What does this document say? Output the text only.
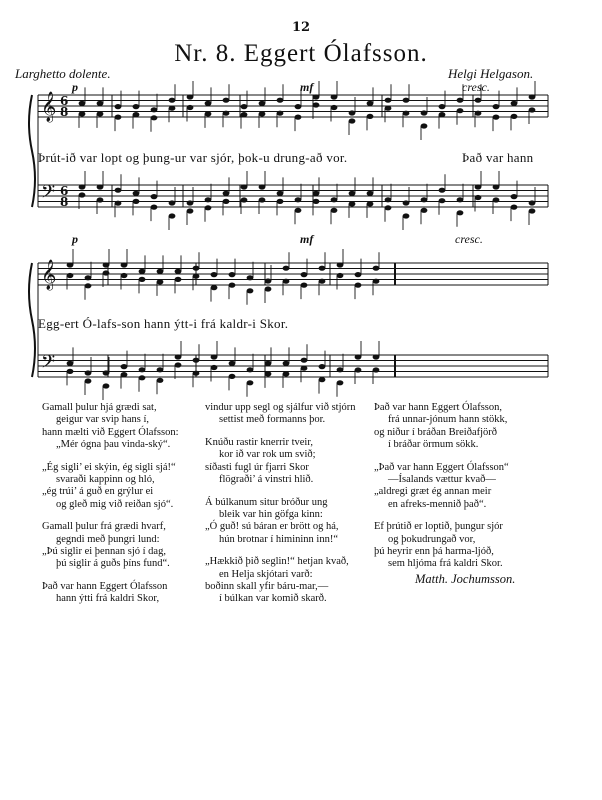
12
Nr. 8. Eggert Ólafsson.
Larghetto dolente.	Helgi Helgason.
𝄞
𝄢
6
8
6
8
𝄞
𝄢
p	mf	cresc.
p	mf	cresc.
Þrút-ið var lopt og þung-ur var sjór, þok-u drung-að vor.	Það var hann
Egg-ert Ó-lafs-son hann ýtt-i frá kaldr-i Skor.

Gamall þulur hjá grædi sat,
geigur var svip hans í,
hann mælti við Eggert Ólafsson:
„Mér ógna þau vinda-ský“.

„Ég sigli’ ei skýin, ég sigli sjá!“
svaraði kappinn og hló,
„ég trúi’ á guð en grýlur ei
og gleð mig við reiðan sjó“.

Gamall þulur frá grædi hvarf,
gegndi með þungri lund:
„Þú siglir ei þennan sjó í dag,
þú siglir á guðs þíns fund“.

Það var hann Eggert Ólafsson
hann ýtti frá kaldri Skor,

vindur upp segl og sjálfur við stjórn
settist með formanns þor.

Knúðu rastir knerrir tveir,
kor ið var rok um svið;
síðasti fugl úr fjarri Skor
flögraði’ á vinstri hlið.

Á búlkanum situr bróður ung
bleik var hin göfga kinn:
„Ó guð! sú báran er brött og há,
hún brotnar í himininn inn!“

„Hækkið þið seglin!“ hetjan kvað,
en Helja skjótari varð:
boðinn skall yfir báru-mar,—
í búlkan var komið skarð.

Það var hann Eggert Ólafsson,
frá unnar-jónum hann stökk,
og niður í bráðan Breiðafjörð
í bráðar örmum sökk.

„Það var hann Eggert Ólafsson“
—Ísalands vættur kvað—
„aldregi græt ég annan meir
en afreks-mennið það“.

Ef þrútið er loptið, þungur sjór
og þokudrungað vor,
þú heyrir enn þá harma-ljóð,
sem hljóma frá kaldri Skor.

Matth. Jochumsson.
